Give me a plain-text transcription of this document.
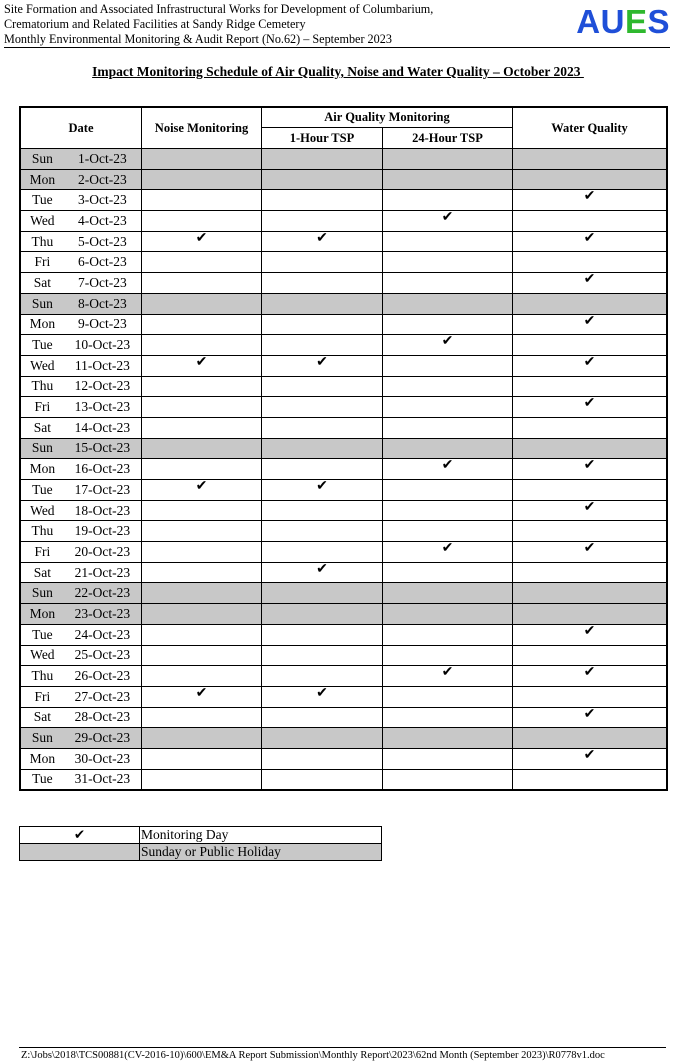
Site Formation and Associated Infrastructural Works for Development of Columbarium,
Crematorium and Related Facilities at Sandy Ridge Cemetery
Monthly Environmental Monitoring & Audit Report (No.62) – September 2023	AUES
Impact Monitoring Schedule of Air Quality, Noise and Water Quality – October 2023
Date		Noise Monitoring	Air Quality Monitoring		Water Quality
			1-Hour TSP	24-Hour TSP	
Sun	1-Oct-23				
Mon	2-Oct-23				
Tue	3-Oct-23				✔
Wed	4-Oct-23			✔	
Thu	5-Oct-23	✔	✔		✔
Fri	6-Oct-23				
Sat	7-Oct-23				✔
Sun	8-Oct-23				
Mon	9-Oct-23				✔
Tue	10-Oct-23			✔	
Wed	11-Oct-23	✔	✔		✔
Thu	12-Oct-23				
Fri	13-Oct-23				✔
Sat	14-Oct-23				
Sun	15-Oct-23				
Mon	16-Oct-23			✔	✔
Tue	17-Oct-23	✔	✔		
Wed	18-Oct-23				✔
Thu	19-Oct-23				
Fri	20-Oct-23			✔	✔
Sat	21-Oct-23		✔		
Sun	22-Oct-23				
Mon	23-Oct-23				
Tue	24-Oct-23				✔
Wed	25-Oct-23				
Thu	26-Oct-23			✔	✔
Fri	27-Oct-23	✔	✔		
Sat	28-Oct-23				✔
Sun	29-Oct-23				
Mon	30-Oct-23				✔
Tue	31-Oct-23				
✔	Monitoring Day
	Sunday or Public Holiday
Z:\Jobs\2018\TCS00881(CV-2016-10)\600\EM&A Report Submission\Monthly Report\2023\62nd Month (September 2023)\R0778v1.doc
